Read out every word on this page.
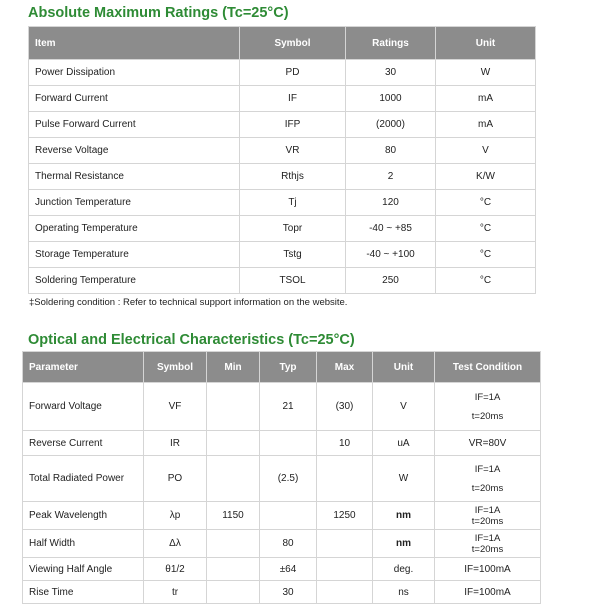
Absolute Maximum Ratings (Tc=25°C)
Item	Symbol	Ratings	Unit
Power Dissipation	PD	30	W
Forward Current	IF	1000	mA
Pulse Forward Current	IFP	(2000)	mA
Reverse Voltage	VR	80	V
Thermal Resistance	Rthjs	2	K/W
Junction Temperature	Tj	120	°C
Operating Temperature	Topr	-40 ~ +85	°C
Storage Temperature	Tstg	-40 ~ +100	°C
Soldering Temperature	TSOL	250	°C
‡Soldering condition : Refer to technical support information on the website.
Optical and Electrical Characteristics (Tc=25°C)
Parameter	Symbol	Min	Typ	Max	Unit	Test Condition
Forward Voltage	VF		21	(30)	V	IF=1A
t=20ms

Reverse Current	IR			10	uA	VR=80V
Total Radiated Power	PO		(2.5)		W	IF=1A
t=20ms

Peak Wavelength	λp	1150		1250	nm	IF=1A
t=20ms

Half Width	Δλ		80		nm	IF=1A
t=20ms

Viewing Half Angle	θ1/2		±64		deg.	IF=100mA
Rise Time	tr		30		ns	IF=100mA
